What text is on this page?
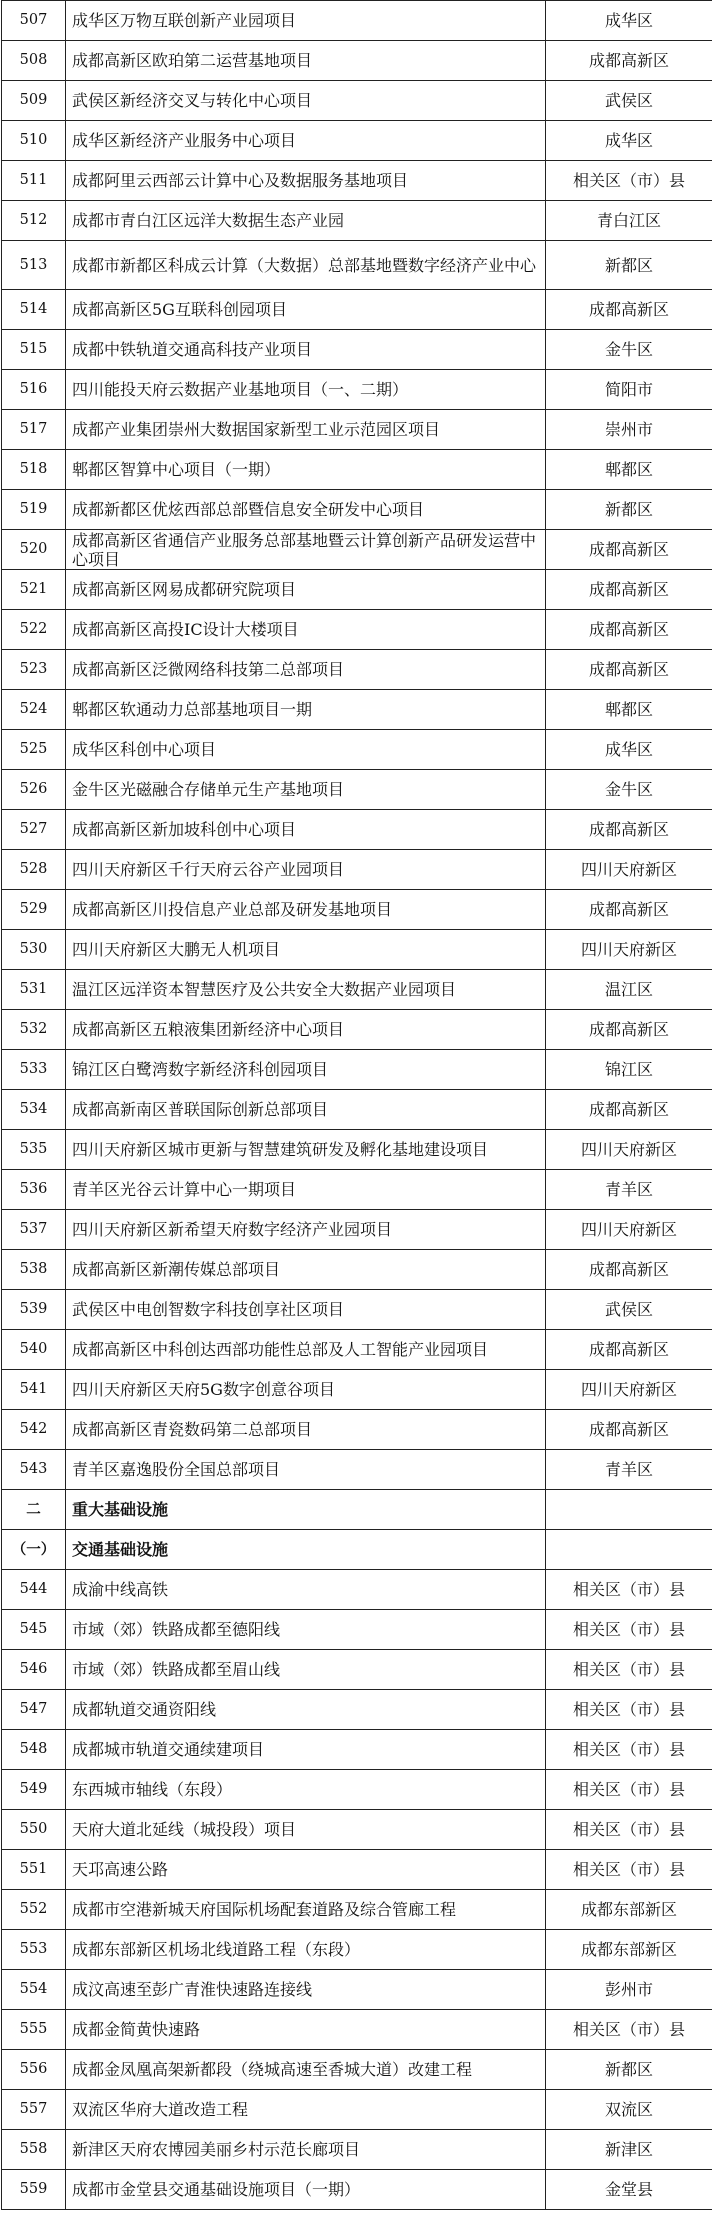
507	成华区万物互联创新产业园项目	成华区
508	成都高新区欧珀第二运营基地项目	成都高新区
509	武侯区新经济交叉与转化中心项目	武侯区
510	成华区新经济产业服务中心项目	成华区
511	成都阿里云西部云计算中心及数据服务基地项目	相关区（市）县
512	成都市青白江区远洋大数据生态产业园	青白江区
513	成都市新都区科成云计算（大数据）总部基地暨数字经济产业中心	新都区
514	成都高新区5G互联科创园项目	成都高新区
515	成都中铁轨道交通高科技产业项目	金牛区
516	四川能投天府云数据产业基地项目（一、二期）	简阳市
517	成都产业集团崇州大数据国家新型工业示范园区项目	崇州市
518	郫都区智算中心项目（一期）	郫都区
519	成都新都区优炫西部总部暨信息安全研发中心项目	新都区
520	成都高新区省通信产业服务总部基地暨云计算创新产品研发运营中心项目	成都高新区
521	成都高新区网易成都研究院项目	成都高新区
522	成都高新区高投IC设计大楼项目	成都高新区
523	成都高新区泛微网络科技第二总部项目	成都高新区
524	郫都区软通动力总部基地项目一期	郫都区
525	成华区科创中心项目	成华区
526	金牛区光磁融合存储单元生产基地项目	金牛区
527	成都高新区新加坡科创中心项目	成都高新区
528	四川天府新区千行天府云谷产业园项目	四川天府新区
529	成都高新区川投信息产业总部及研发基地项目	成都高新区
530	四川天府新区大鹏无人机项目	四川天府新区
531	温江区远洋资本智慧医疗及公共安全大数据产业园项目	温江区
532	成都高新区五粮液集团新经济中心项目	成都高新区
533	锦江区白鹭湾数字新经济科创园项目	锦江区
534	成都高新南区普联国际创新总部项目	成都高新区
535	四川天府新区城市更新与智慧建筑研发及孵化基地建设项目	四川天府新区
536	青羊区光谷云计算中心一期项目	青羊区
537	四川天府新区新希望天府数字经济产业园项目	四川天府新区
538	成都高新区新潮传媒总部项目	成都高新区
539	武侯区中电创智数字科技创享社区项目	武侯区
540	成都高新区中科创达西部功能性总部及人工智能产业园项目	成都高新区
541	四川天府新区天府5G数字创意谷项目	四川天府新区
542	成都高新区青瓷数码第二总部项目	成都高新区
543	青羊区嘉逸股份全国总部项目	青羊区
二	重大基础设施	

（一）	交通基础设施	

544	成渝中线高铁	相关区（市）县
545	市域（郊）铁路成都至德阳线	相关区（市）县
546	市域（郊）铁路成都至眉山线	相关区（市）县
547	成都轨道交通资阳线	相关区（市）县
548	成都城市轨道交通续建项目	相关区（市）县
549	东西城市轴线（东段）	相关区（市）县
550	天府大道北延线（城投段）项目	相关区（市）县
551	天邛高速公路	相关区（市）县
552	成都市空港新城天府国际机场配套道路及综合管廊工程	成都东部新区
553	成都东部新区机场北线道路工程（东段）	成都东部新区
554	成汶高速至彭广青淮快速路连接线	彭州市
555	成都金简黄快速路	相关区（市）县
556	成都金凤凰高架新都段（绕城高速至香城大道）改建工程	新都区
557	双流区华府大道改造工程	双流区
558	新津区天府农博园美丽乡村示范长廊项目	新津区
559	成都市金堂县交通基础设施项目（一期）	金堂县
